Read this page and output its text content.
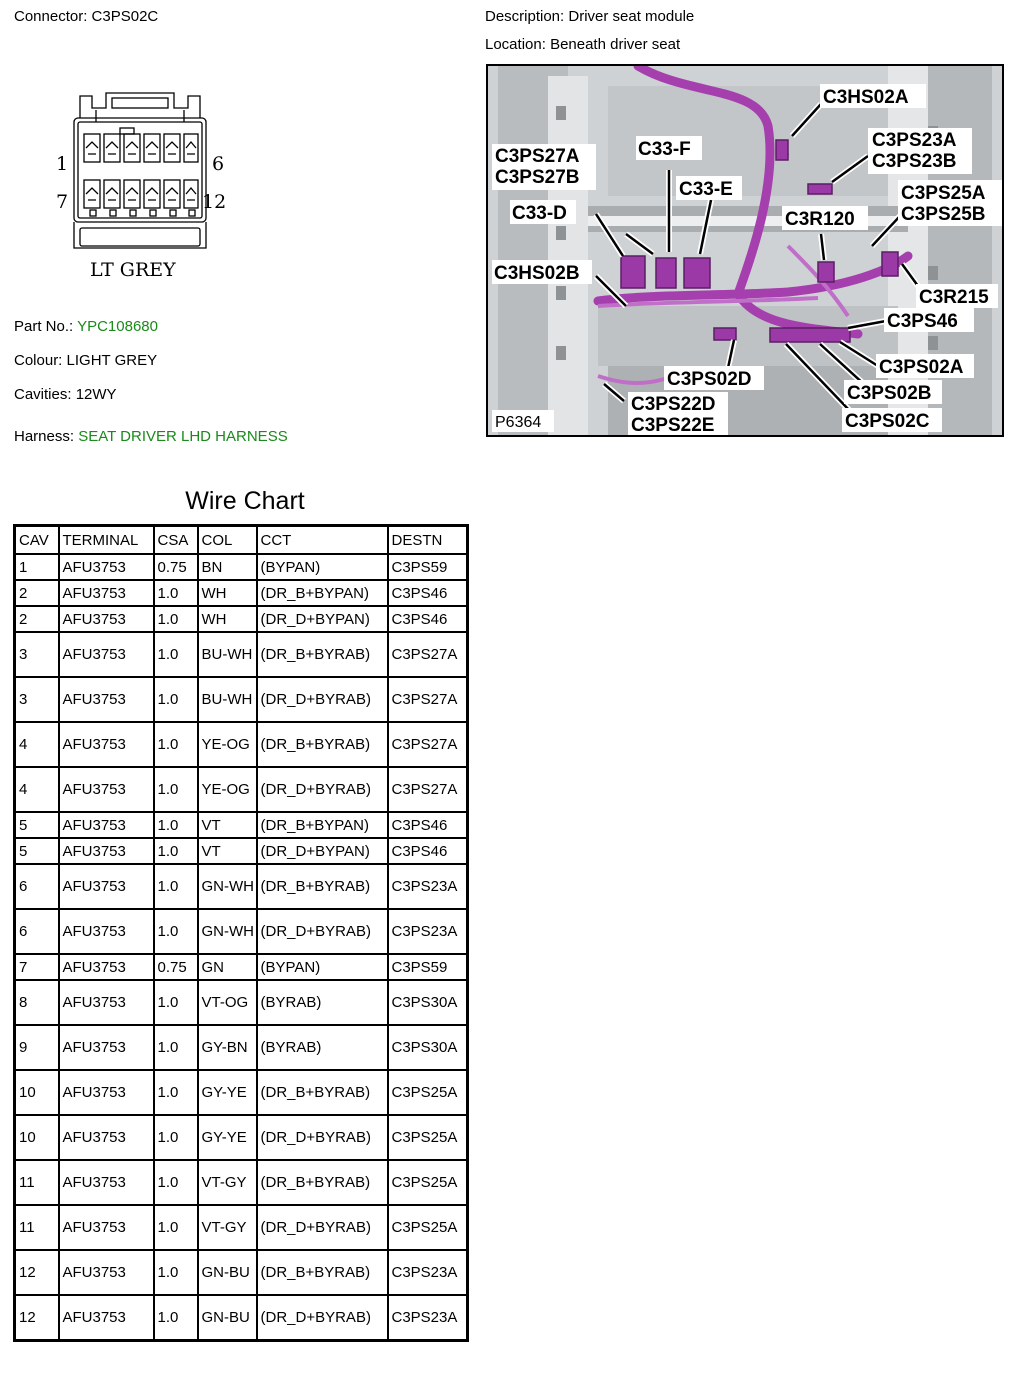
Connector: C3PS02C	Description: Driver seat module
Location: Beneath driver seat
1	6
7	12
LT GREY
Part No.: YPC108680
Colour: LIGHT GREY
Cavities: 12WY
Harness: SEAT DRIVER LHD HARNESS
C3HS02A
C3PS23A
C3PS23B
C3PS27A
C3PS27B
C33-F
C33-E	C3PS25A
C3PS25B
C33-D	C3R120
C3HS02B
C3R215
C3PS46
C3PS02A
C3PS02D
C3PS02B
C3PS22D
C3PS22E	C3PS02C
P6364
Wire Chart
CAV	TERMINAL	CSA	COL	CCT	DESTN
1	AFU3753	0.75	BN	(BYPAN)	C3PS59
2	AFU3753	1.0	WH	(DR_B+BYPAN)	C3PS46
2	AFU3753	1.0	WH	(DR_D+BYPAN)	C3PS46
3	AFU3753	1.0	BU-WH	(DR_B+BYRAB)	C3PS27A
3	AFU3753	1.0	BU-WH	(DR_D+BYRAB)	C3PS27A
4	AFU3753	1.0	YE-OG	(DR_B+BYRAB)	C3PS27A
4	AFU3753	1.0	YE-OG	(DR_D+BYRAB)	C3PS27A
5	AFU3753	1.0	VT	(DR_B+BYPAN)	C3PS46
5	AFU3753	1.0	VT	(DR_D+BYPAN)	C3PS46
6	AFU3753	1.0	GN-WH	(DR_B+BYRAB)	C3PS23A
6	AFU3753	1.0	GN-WH	(DR_D+BYRAB)	C3PS23A
7	AFU3753	0.75	GN	(BYPAN)	C3PS59
8	AFU3753	1.0	VT-OG	(BYRAB)	C3PS30A
9	AFU3753	1.0	GY-BN	(BYRAB)	C3PS30A
10	AFU3753	1.0	GY-YE	(DR_B+BYRAB)	C3PS25A
10	AFU3753	1.0	GY-YE	(DR_D+BYRAB)	C3PS25A
11	AFU3753	1.0	VT-GY	(DR_B+BYRAB)	C3PS25A
11	AFU3753	1.0	VT-GY	(DR_D+BYRAB)	C3PS25A
12	AFU3753	1.0	GN-BU	(DR_B+BYRAB)	C3PS23A
12	AFU3753	1.0	GN-BU	(DR_D+BYRAB)	C3PS23A
